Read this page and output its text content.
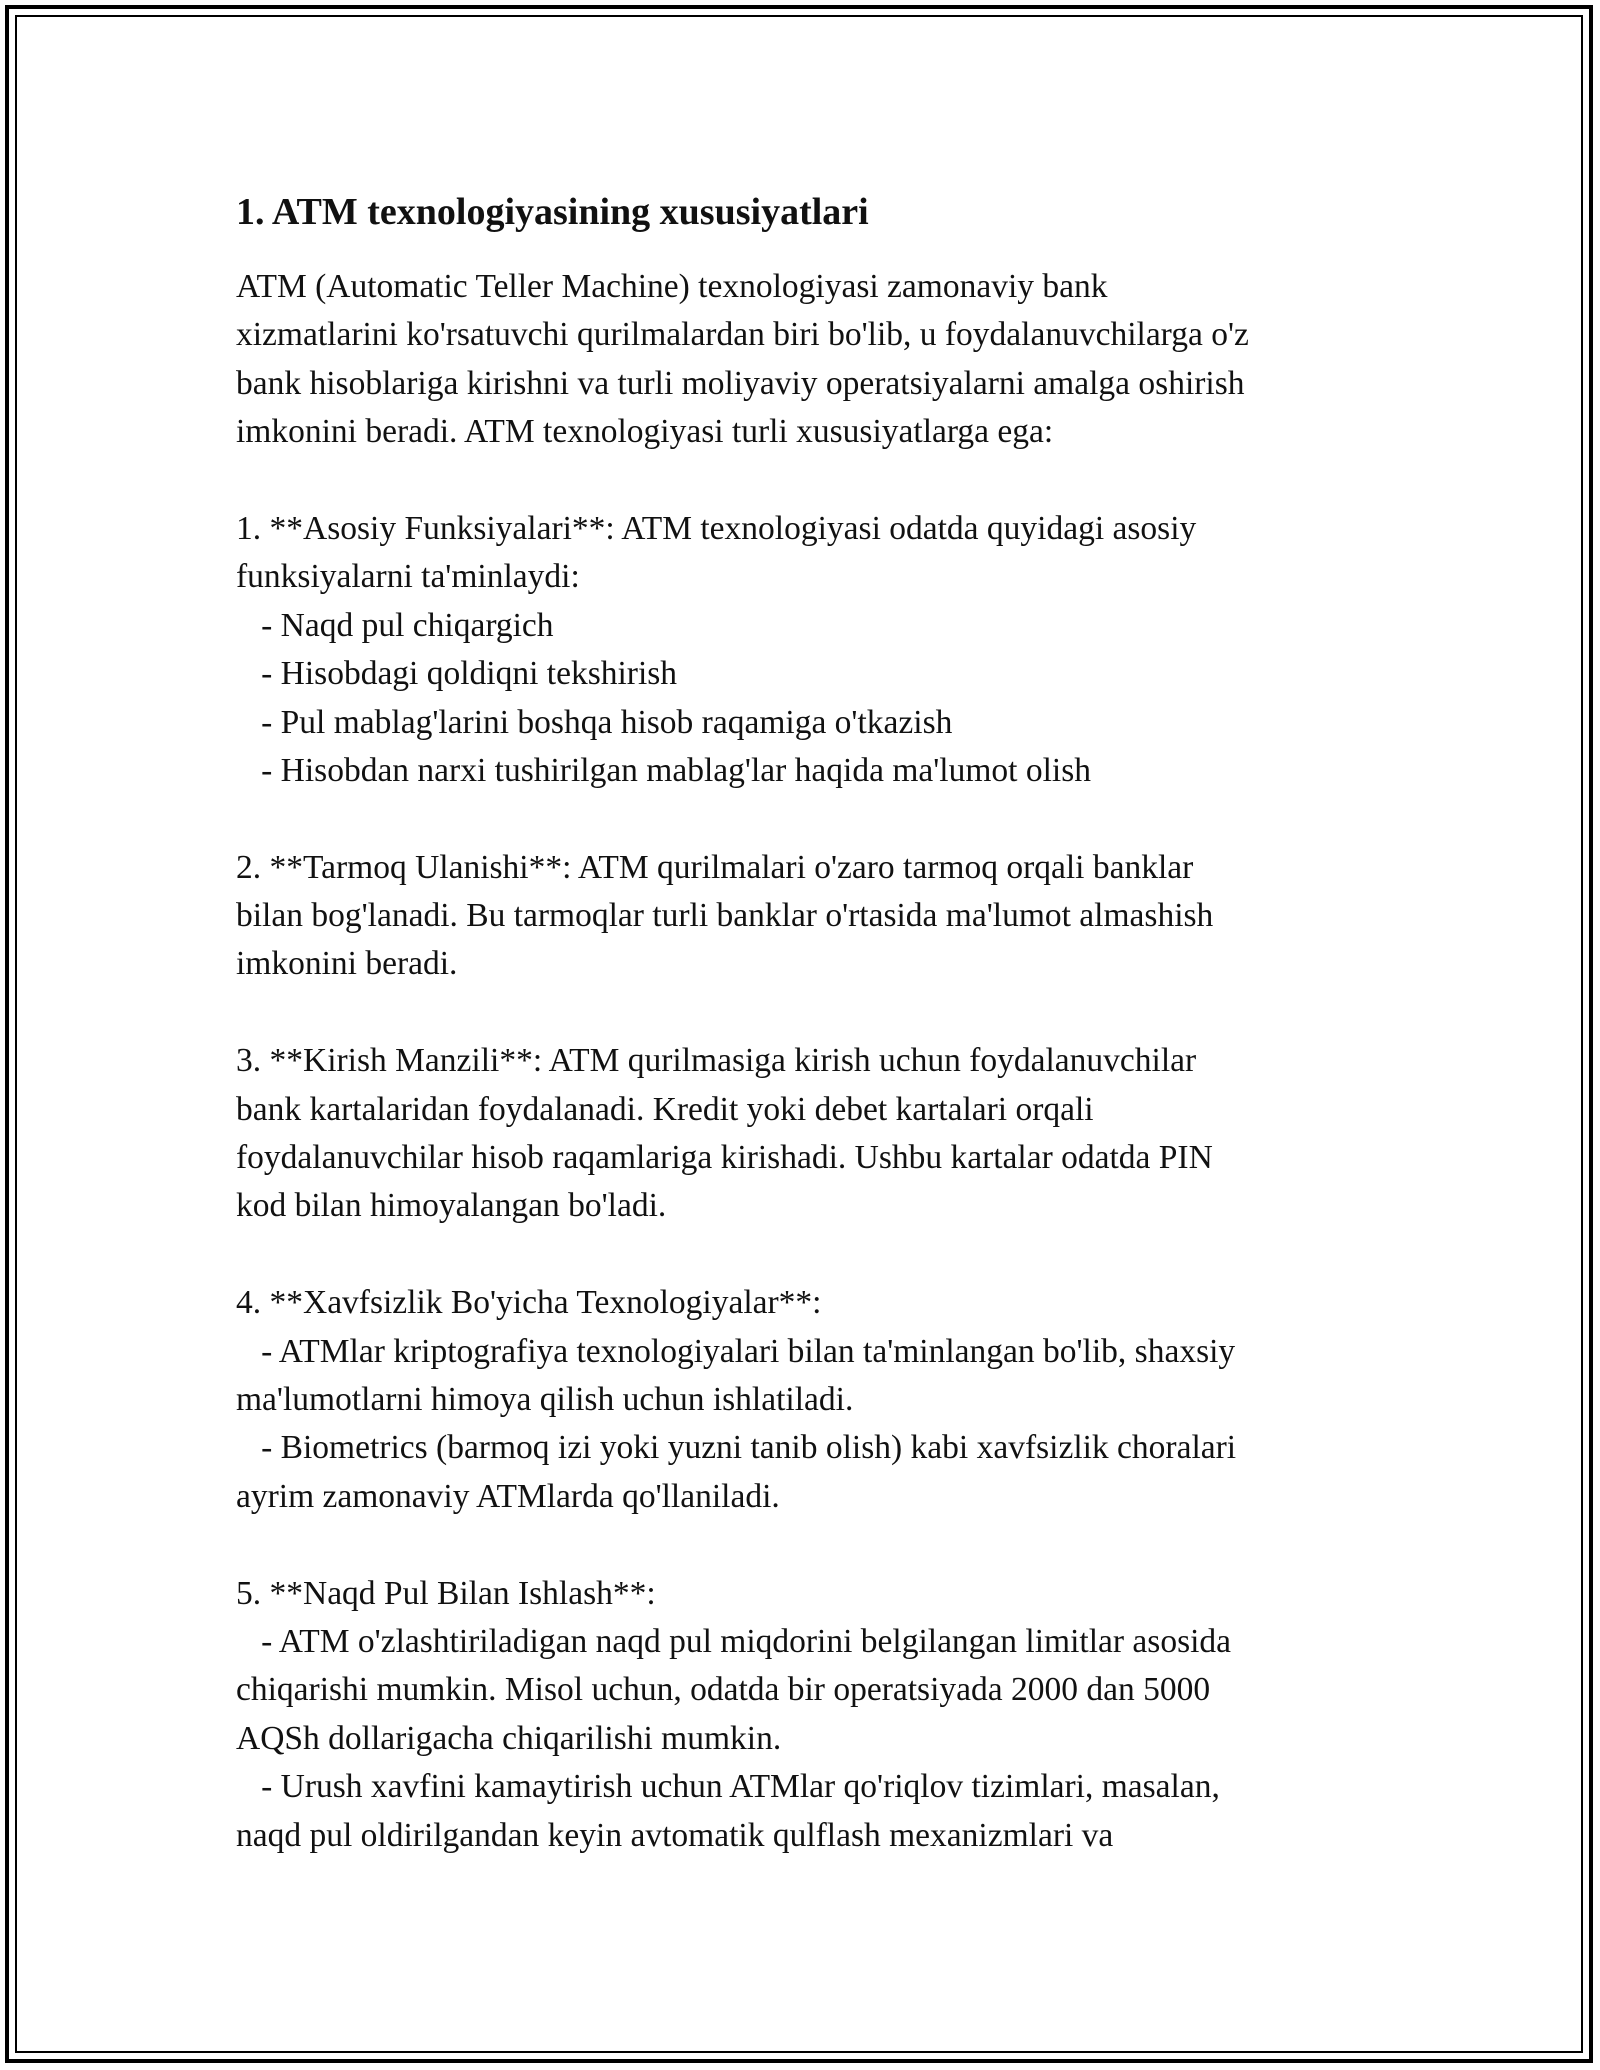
1. ATM texnologiyasining xususiyatlari
ATM (Automatic Teller Machine) texnologiyasi zamonaviy bank
xizmatlarini ko'rsatuvchi qurilmalardan biri bo'lib, u foydalanuvchilarga o'z
bank hisoblariga kirishni va turli moliyaviy operatsiyalarni amalga oshirish
imkonini beradi. ATM texnologiyasi turli xususiyatlarga ega:
1. **Asosiy Funksiyalari**: ATM texnologiyasi odatda quyidagi asosiy
funksiyalarni ta'minlaydi:
- Naqd pul chiqargich
- Hisobdagi qoldiqni tekshirish
- Pul mablag'larini boshqa hisob raqamiga o'tkazish
- Hisobdan narxi tushirilgan mablag'lar haqida ma'lumot olish
2. **Tarmoq Ulanishi**: ATM qurilmalari o'zaro tarmoq orqali banklar
bilan bog'lanadi. Bu tarmoqlar turli banklar o'rtasida ma'lumot almashish
imkonini beradi.
3. **Kirish Manzili**: ATM qurilmasiga kirish uchun foydalanuvchilar
bank kartalaridan foydalanadi. Kredit yoki debet kartalari orqali
foydalanuvchilar hisob raqamlariga kirishadi. Ushbu kartalar odatda PIN
kod bilan himoyalangan bo'ladi.
4. **Xavfsizlik Bo'yicha Texnologiyalar**:
- ATMlar kriptografiya texnologiyalari bilan ta'minlangan bo'lib, shaxsiy
ma'lumotlarni himoya qilish uchun ishlatiladi.
- Biometrics (barmoq izi yoki yuzni tanib olish) kabi xavfsizlik choralari
ayrim zamonaviy ATMlarda qo'llaniladi.
5. **Naqd Pul Bilan Ishlash**:
- ATM o'zlashtiriladigan naqd pul miqdorini belgilangan limitlar asosida
chiqarishi mumkin. Misol uchun, odatda bir operatsiyada 2000 dan 5000
AQSh dollarigacha chiqarilishi mumkin.
- Urush xavfini kamaytirish uchun ATMlar qo'riqlov tizimlari, masalan,
naqd pul oldirilgandan keyin avtomatik qulflash mexanizmlari va
